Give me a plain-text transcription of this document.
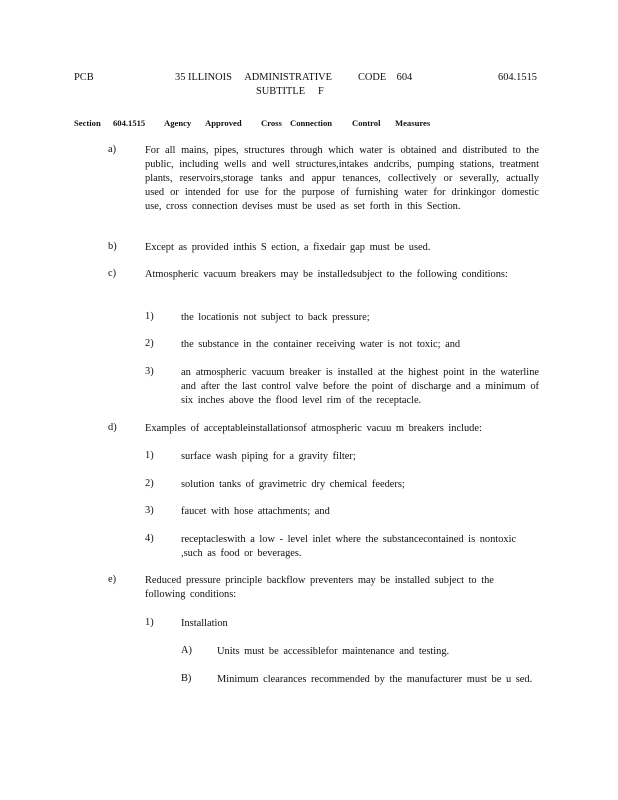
PCB	35 ILLINOIS     ADMINISTRATIVE          CODE    604
SUBTITLE     F
604.1515
Section 604.1515 Agency Approved Cross Connection Control Measures
a)	For all mains, pipes, structures through which water is obtained and distributed to the public, including wells and well structures,intakes andcribs, pumping stations, treatment plants, reservoirs,storage tanks and appur tenances, collectively or severally, actually used or intended for use for the purpose of furnishing water for drinkingor domestic use, cross connection devises must be used as set forth in this Section.
b)	Except as provided inthis S ection, a fixedair gap must be used.
c)	Atmospheric vacuum breakers may be installedsubject to the following conditions:
1)	the locationis not subject to back pressure;
2)	the substance in the container receiving water is not toxic; and
3)	an atmospheric vacuum breaker is installed at the highest point in the waterline and after the last control valve before the point of discharge and a minimum of six inches above the flood level rim of the receptacle.
d)	Examples of acceptableinstallationsof atmospheric vacuu m breakers include:
1)	surface wash piping for a gravity filter;
2)	solution tanks of gravimetric dry chemical feeders;
3)	faucet with hose attachments; and
4)	receptacleswith a low - level inlet where the substancecontained is nontoxic ,such as food or beverages.
e)	Reduced pressure principle backflow preventers may be installed subject to the following conditions:
1)	Installation
A) Units must be accessiblefor maintenance and testing.
B) Minimum clearances recommended by the manufacturer must be u sed.
